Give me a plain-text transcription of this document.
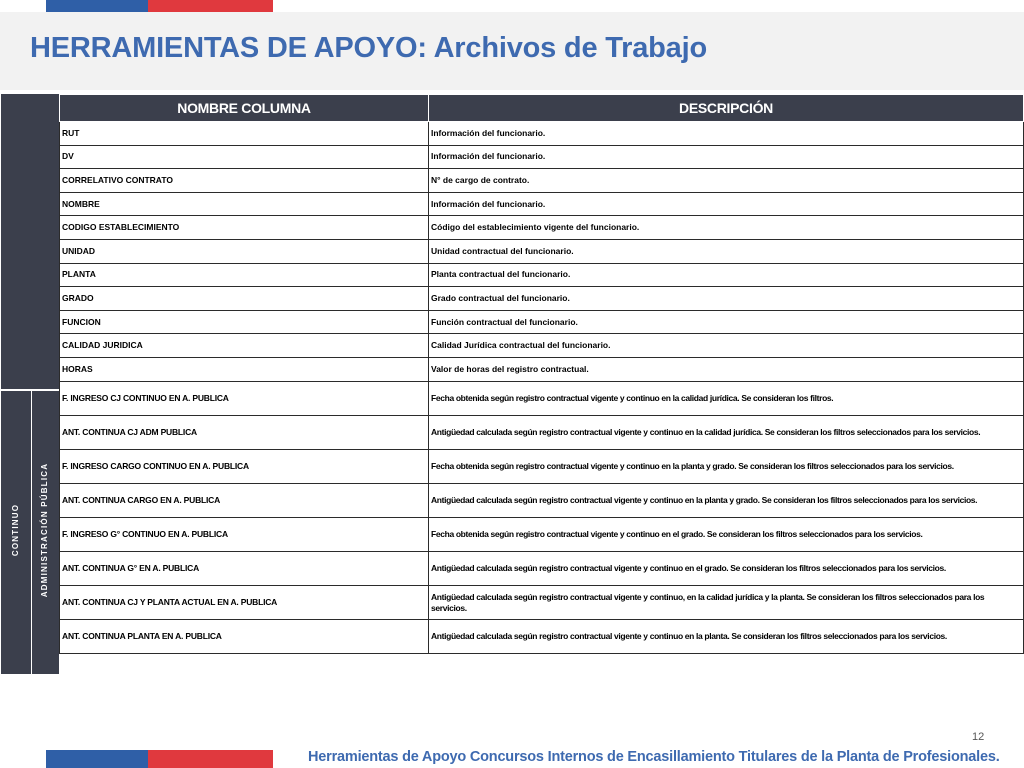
HERRAMIENTAS DE APOYO: Archivos de Trabajo
CONTINUO	ADMINISTRACIÓN PÚBLICA
NOMBRE COLUMNA	DESCRIPCIÓN
RUT	Información del funcionario.
DV	Información del funcionario.
CORRELATIVO CONTRATO	N° de cargo de contrato.
NOMBRE	Información del funcionario.
CODIGO ESTABLECIMIENTO	Código del establecimiento vigente del funcionario.
UNIDAD	Unidad contractual del funcionario.
PLANTA	Planta contractual del funcionario.
GRADO	Grado contractual del funcionario.
FUNCION	Función contractual del funcionario.
CALIDAD JURIDICA	Calidad Jurídica contractual del funcionario.
HORAS	Valor de horas del registro contractual.
F. INGRESO CJ CONTINUO EN A. PUBLICA	Fecha obtenida según registro contractual vigente y continuo en la calidad jurídica. Se consideran los filtros.
ANT. CONTINUA CJ ADM PUBLICA	Antigüedad calculada según registro contractual vigente y continuo en la calidad jurídica. Se consideran los filtros seleccionados para los servicios.
F. INGRESO CARGO CONTINUO EN A. PUBLICA	Fecha obtenida según registro contractual vigente y continuo en la planta y grado. Se consideran los filtros seleccionados para los servicios.
ANT. CONTINUA CARGO EN A. PUBLICA	Antigüedad calculada según registro contractual vigente y continuo en la planta y grado. Se consideran los filtros seleccionados para los servicios.
F. INGRESO G° CONTINUO EN A. PUBLICA	Fecha obtenida según registro contractual vigente y continuo en el grado. Se consideran los filtros seleccionados para los servicios.
ANT. CONTINUA G° EN A. PUBLICA	Antigüedad calculada según registro contractual vigente y continuo en el grado. Se consideran los filtros seleccionados para los servicios.
ANT. CONTINUA CJ Y PLANTA ACTUAL EN A. PUBLICA	Antigüedad calculada según registro contractual vigente y continuo, en la calidad jurídica y la planta. Se consideran los filtros seleccionados para los servicios.
ANT. CONTINUA PLANTA EN A. PUBLICA	Antigüedad calculada según registro contractual vigente y continuo en la planta. Se consideran los filtros seleccionados para los servicios.
12
Herramientas de Apoyo Concursos Internos de Encasillamiento Titulares de la Planta de Profesionales.
